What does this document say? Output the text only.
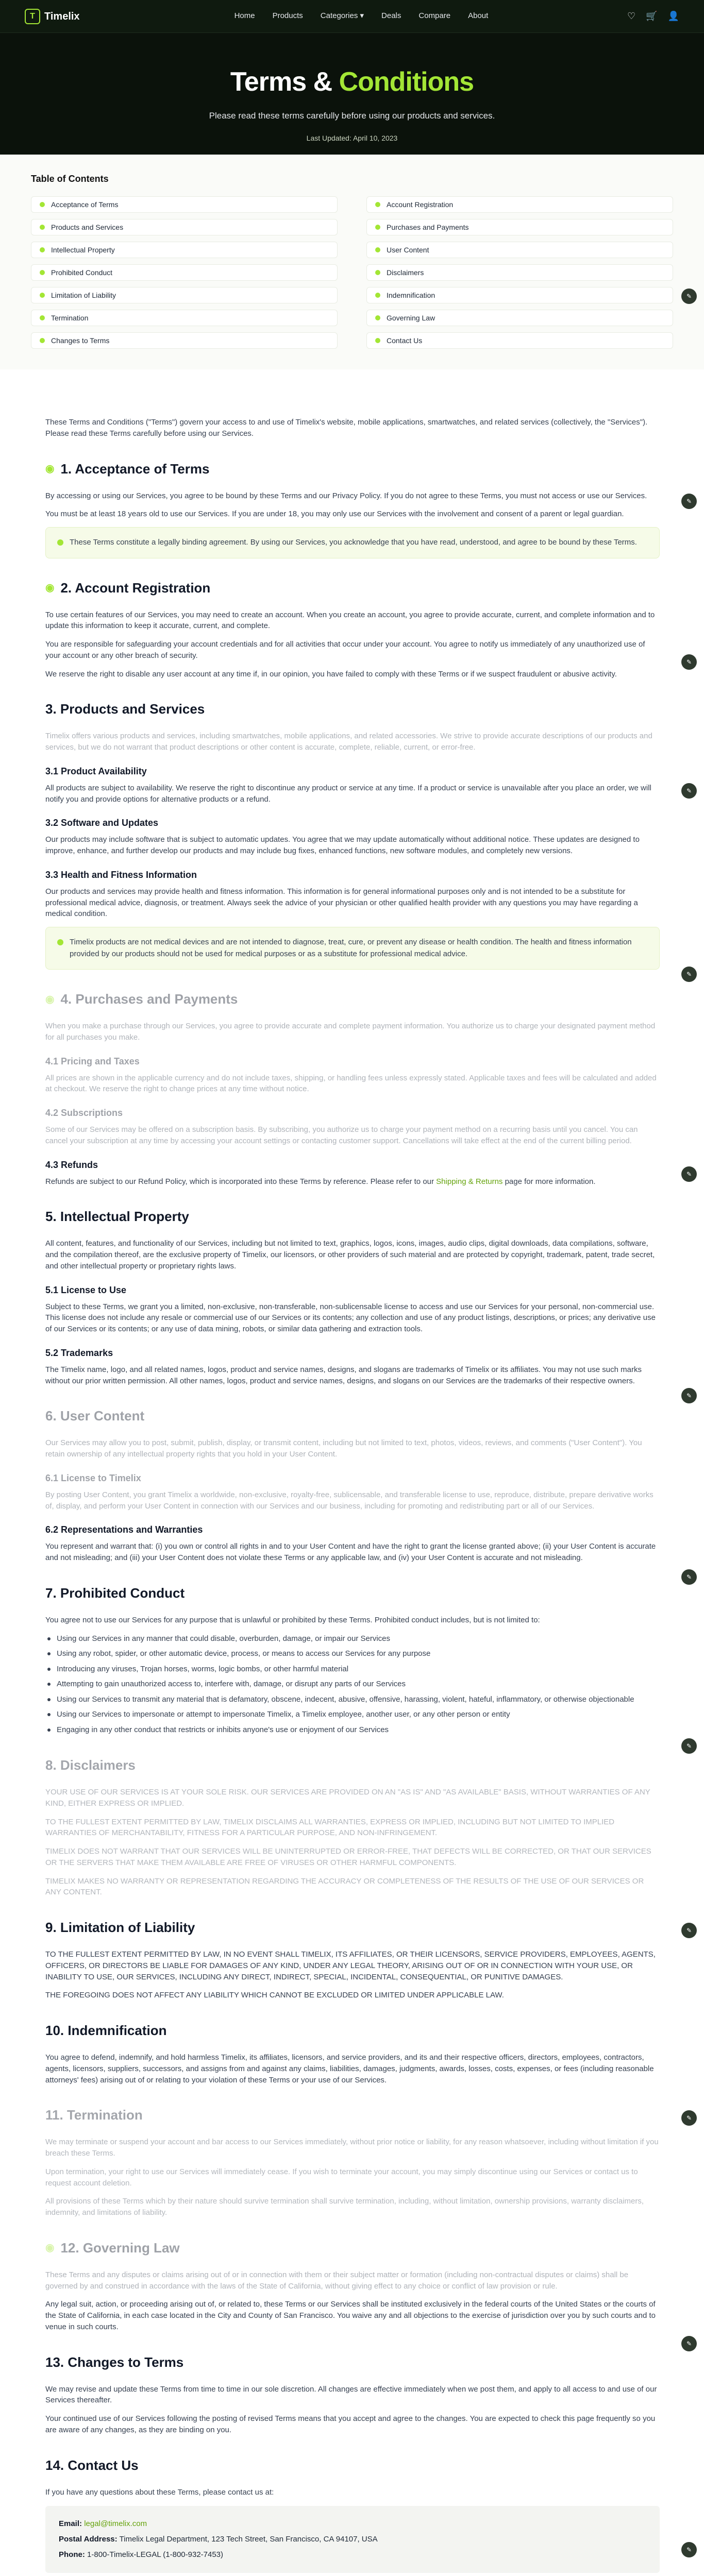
T Timelix	Home Products Categories ▾ Deals Compare About	♡ 🛒 👤
Terms & Conditions

Please read these terms carefully before using our products and services.

Last Updated: April 10, 2023

Table of Contents
Acceptance of Terms	Account Registration
Products and Services	Purchases and Payments
Intellectual Property	User Content
Prohibited Conduct	Disclaimers
Limitation of Liability	Indemnification
Termination	Governing Law
Changes to Terms	Contact Us
✎
✎
✎
✎
✎
✎
✎
✎
✎
✎
✎
✎
✎

These Terms and Conditions ("Terms") govern your access to and use of Timelix's website, mobile applications, smartwatches, and related services (collectively, the "Services"). Please read these Terms carefully before using our Services.

◉ 1. Acceptance of Terms

By accessing or using our Services, you agree to be bound by these Terms and our Privacy Policy. If you do not agree to these Terms, you must not access or use our Services.

You must be at least 18 years old to use our Services. If you are under 18, you may only use our Services with the involvement and consent of a parent or legal guardian.

These Terms constitute a legally binding agreement. By using our Services, you acknowledge that you have read, understood, and agree to be bound by these Terms.
◉ 2. Account Registration

To use certain features of our Services, you may need to create an account. When you create an account, you agree to provide accurate, current, and complete information and to update this information to keep it accurate, current, and complete.

You are responsible for safeguarding your account credentials and for all activities that occur under your account. You agree to notify us immediately of any unauthorized use of your account or any other breach of security.

We reserve the right to disable any user account at any time if, in our opinion, you have failed to comply with these Terms or if we suspect fraudulent or abusive activity.

3. Products and Services

Timelix offers various products and services, including smartwatches, mobile applications, and related accessories. We strive to provide accurate descriptions of our products and services, but we do not warrant that product descriptions or other content is accurate, complete, reliable, current, or error-free.

3.1 Product Availability

All products are subject to availability. We reserve the right to discontinue any product or service at any time. If a product or service is unavailable after you place an order, we will notify you and provide options for alternative products or a refund.

3.2 Software and Updates

Our products may include software that is subject to automatic updates. You agree that we may update automatically without additional notice. These updates are designed to improve, enhance, and further develop our products and may include bug fixes, enhanced functions, new software modules, and completely new versions.

3.3 Health and Fitness Information

Our products and services may provide health and fitness information. This information is for general informational purposes only and is not intended to be a substitute for professional medical advice, diagnosis, or treatment. Always seek the advice of your physician or other qualified health provider with any questions you may have regarding a medical condition.

Timelix products are not medical devices and are not intended to diagnose, treat, cure, or prevent any disease or health condition. The health and fitness information provided by our products should not be used for medical purposes or as a substitute for professional medical advice.
◉ 4. Purchases and Payments

When you make a purchase through our Services, you agree to provide accurate and complete payment information. You authorize us to charge your designated payment method for all purchases you make.

4.1 Pricing and Taxes

All prices are shown in the applicable currency and do not include taxes, shipping, or handling fees unless expressly stated. Applicable taxes and fees will be calculated and added at checkout. We reserve the right to change prices at any time without notice.

4.2 Subscriptions

Some of our Services may be offered on a subscription basis. By subscribing, you authorize us to charge your payment method on a recurring basis until you cancel. You can cancel your subscription at any time by accessing your account settings or contacting customer support. Cancellations will take effect at the end of the current billing period.

4.3 Refunds

Refunds are subject to our Refund Policy, which is incorporated into these Terms by reference. Please refer to our Shipping & Returns page for more information.

5. Intellectual Property

All content, features, and functionality of our Services, including but not limited to text, graphics, logos, icons, images, audio clips, digital downloads, data compilations, software, and the compilation thereof, are the exclusive property of Timelix, our licensors, or other providers of such material and are protected by copyright, trademark, patent, trade secret, and other intellectual property or proprietary rights laws.

5.1 License to Use

Subject to these Terms, we grant you a limited, non-exclusive, non-transferable, non-sublicensable license to access and use our Services for your personal, non-commercial use. This license does not include any resale or commercial use of our Services or its contents; any collection and use of any product listings, descriptions, or prices; any derivative use of our Services or its contents; or any use of data mining, robots, or similar data gathering and extraction tools.

5.2 Trademarks

The Timelix name, logo, and all related names, logos, product and service names, designs, and slogans are trademarks of Timelix or its affiliates. You may not use such marks without our prior written permission. All other names, logos, product and service names, designs, and slogans on our Services are the trademarks of their respective owners.

6. User Content

Our Services may allow you to post, submit, publish, display, or transmit content, including but not limited to text, photos, videos, reviews, and comments ("User Content"). You retain ownership of any intellectual property rights that you hold in your User Content.

6.1 License to Timelix

By posting User Content, you grant Timelix a worldwide, non-exclusive, royalty-free, sublicensable, and transferable license to use, reproduce, distribute, prepare derivative works of, display, and perform your User Content in connection with our Services and our business, including for promoting and redistributing part or all of our Services.

6.2 Representations and Warranties

You represent and warrant that: (i) you own or control all rights in and to your User Content and have the right to grant the license granted above; (ii) your User Content is accurate and not misleading; and (iii) your User Content does not violate these Terms or any applicable law, and (iv) your User Content is accurate and not misleading.

7. Prohibited Conduct

You agree not to use our Services for any purpose that is unlawful or prohibited by these Terms. Prohibited conduct includes, but is not limited to:

Using our Services in any manner that could disable, overburden, damage, or impair our Services
Using any robot, spider, or other automatic device, process, or means to access our Services for any purpose
Introducing any viruses, Trojan horses, worms, logic bombs, or other harmful material
Attempting to gain unauthorized access to, interfere with, damage, or disrupt any parts of our Services
Using our Services to transmit any material that is defamatory, obscene, indecent, abusive, offensive, harassing, violent, hateful, inflammatory, or otherwise objectionable
Using our Services to impersonate or attempt to impersonate Timelix, a Timelix employee, another user, or any other person or entity
Engaging in any other conduct that restricts or inhibits anyone's use or enjoyment of our Services
8. Disclaimers

YOUR USE OF OUR SERVICES IS AT YOUR SOLE RISK. OUR SERVICES ARE PROVIDED ON AN "AS IS" AND "AS AVAILABLE" BASIS, WITHOUT WARRANTIES OF ANY KIND, EITHER EXPRESS OR IMPLIED.

TO THE FULLEST EXTENT PERMITTED BY LAW, TIMELIX DISCLAIMS ALL WARRANTIES, EXPRESS OR IMPLIED, INCLUDING BUT NOT LIMITED TO IMPLIED WARRANTIES OF MERCHANTABILITY, FITNESS FOR A PARTICULAR PURPOSE, AND NON-INFRINGEMENT.

TIMELIX DOES NOT WARRANT THAT OUR SERVICES WILL BE UNINTERRUPTED OR ERROR-FREE, THAT DEFECTS WILL BE CORRECTED, OR THAT OUR SERVICES OR THE SERVERS THAT MAKE THEM AVAILABLE ARE FREE OF VIRUSES OR OTHER HARMFUL COMPONENTS.

TIMELIX MAKES NO WARRANTY OR REPRESENTATION REGARDING THE ACCURACY OR COMPLETENESS OF THE RESULTS OF THE USE OF OUR SERVICES OR ANY CONTENT.

9. Limitation of Liability

TO THE FULLEST EXTENT PERMITTED BY LAW, IN NO EVENT SHALL TIMELIX, ITS AFFILIATES, OR THEIR LICENSORS, SERVICE PROVIDERS, EMPLOYEES, AGENTS, OFFICERS, OR DIRECTORS BE LIABLE FOR DAMAGES OF ANY KIND, UNDER ANY LEGAL THEORY, ARISING OUT OF OR IN CONNECTION WITH YOUR USE, OR INABILITY TO USE, OUR SERVICES, INCLUDING ANY DIRECT, INDIRECT, SPECIAL, INCIDENTAL, CONSEQUENTIAL, OR PUNITIVE DAMAGES.

THE FOREGOING DOES NOT AFFECT ANY LIABILITY WHICH CANNOT BE EXCLUDED OR LIMITED UNDER APPLICABLE LAW.

10. Indemnification

You agree to defend, indemnify, and hold harmless Timelix, its affiliates, licensors, and service providers, and its and their respective officers, directors, employees, contractors, agents, licensors, suppliers, successors, and assigns from and against any claims, liabilities, damages, judgments, awards, losses, costs, expenses, or fees (including reasonable attorneys' fees) arising out of or relating to your violation of these Terms or your use of our Services.

11. Termination

We may terminate or suspend your account and bar access to our Services immediately, without prior notice or liability, for any reason whatsoever, including without limitation if you breach these Terms.

Upon termination, your right to use our Services will immediately cease. If you wish to terminate your account, you may simply discontinue using our Services or contact us to request account deletion.

All provisions of these Terms which by their nature should survive termination shall survive termination, including, without limitation, ownership provisions, warranty disclaimers, indemnity, and limitations of liability.

◉ 12. Governing Law

These Terms and any disputes or claims arising out of or in connection with them or their subject matter or formation (including non-contractual disputes or claims) shall be governed by and construed in accordance with the laws of the State of California, without giving effect to any choice or conflict of law provision or rule.

Any legal suit, action, or proceeding arising out of, or related to, these Terms or our Services shall be instituted exclusively in the federal courts of the United States or the courts of the State of California, in each case located in the City and County of San Francisco. You waive any and all objections to the exercise of jurisdiction over you by such courts and to venue in such courts.

13. Changes to Terms

We may revise and update these Terms from time to time in our sole discretion. All changes are effective immediately when we post them, and apply to all access to and use of our Services thereafter.

Your continued use of our Services following the posting of revised Terms means that you accept and agree to the changes. You are expected to check this page frequently so you are aware of any changes, as they are binding on you.

14. Contact Us

If you have any questions about these Terms, please contact us at:

Email: legal@timelix.com
Postal Address: Timelix Legal Department, 123 Tech Street, San Francisco, CA 94107, USA
Phone: 1-800-Timelix-LEGAL (1-800-932-7453)
